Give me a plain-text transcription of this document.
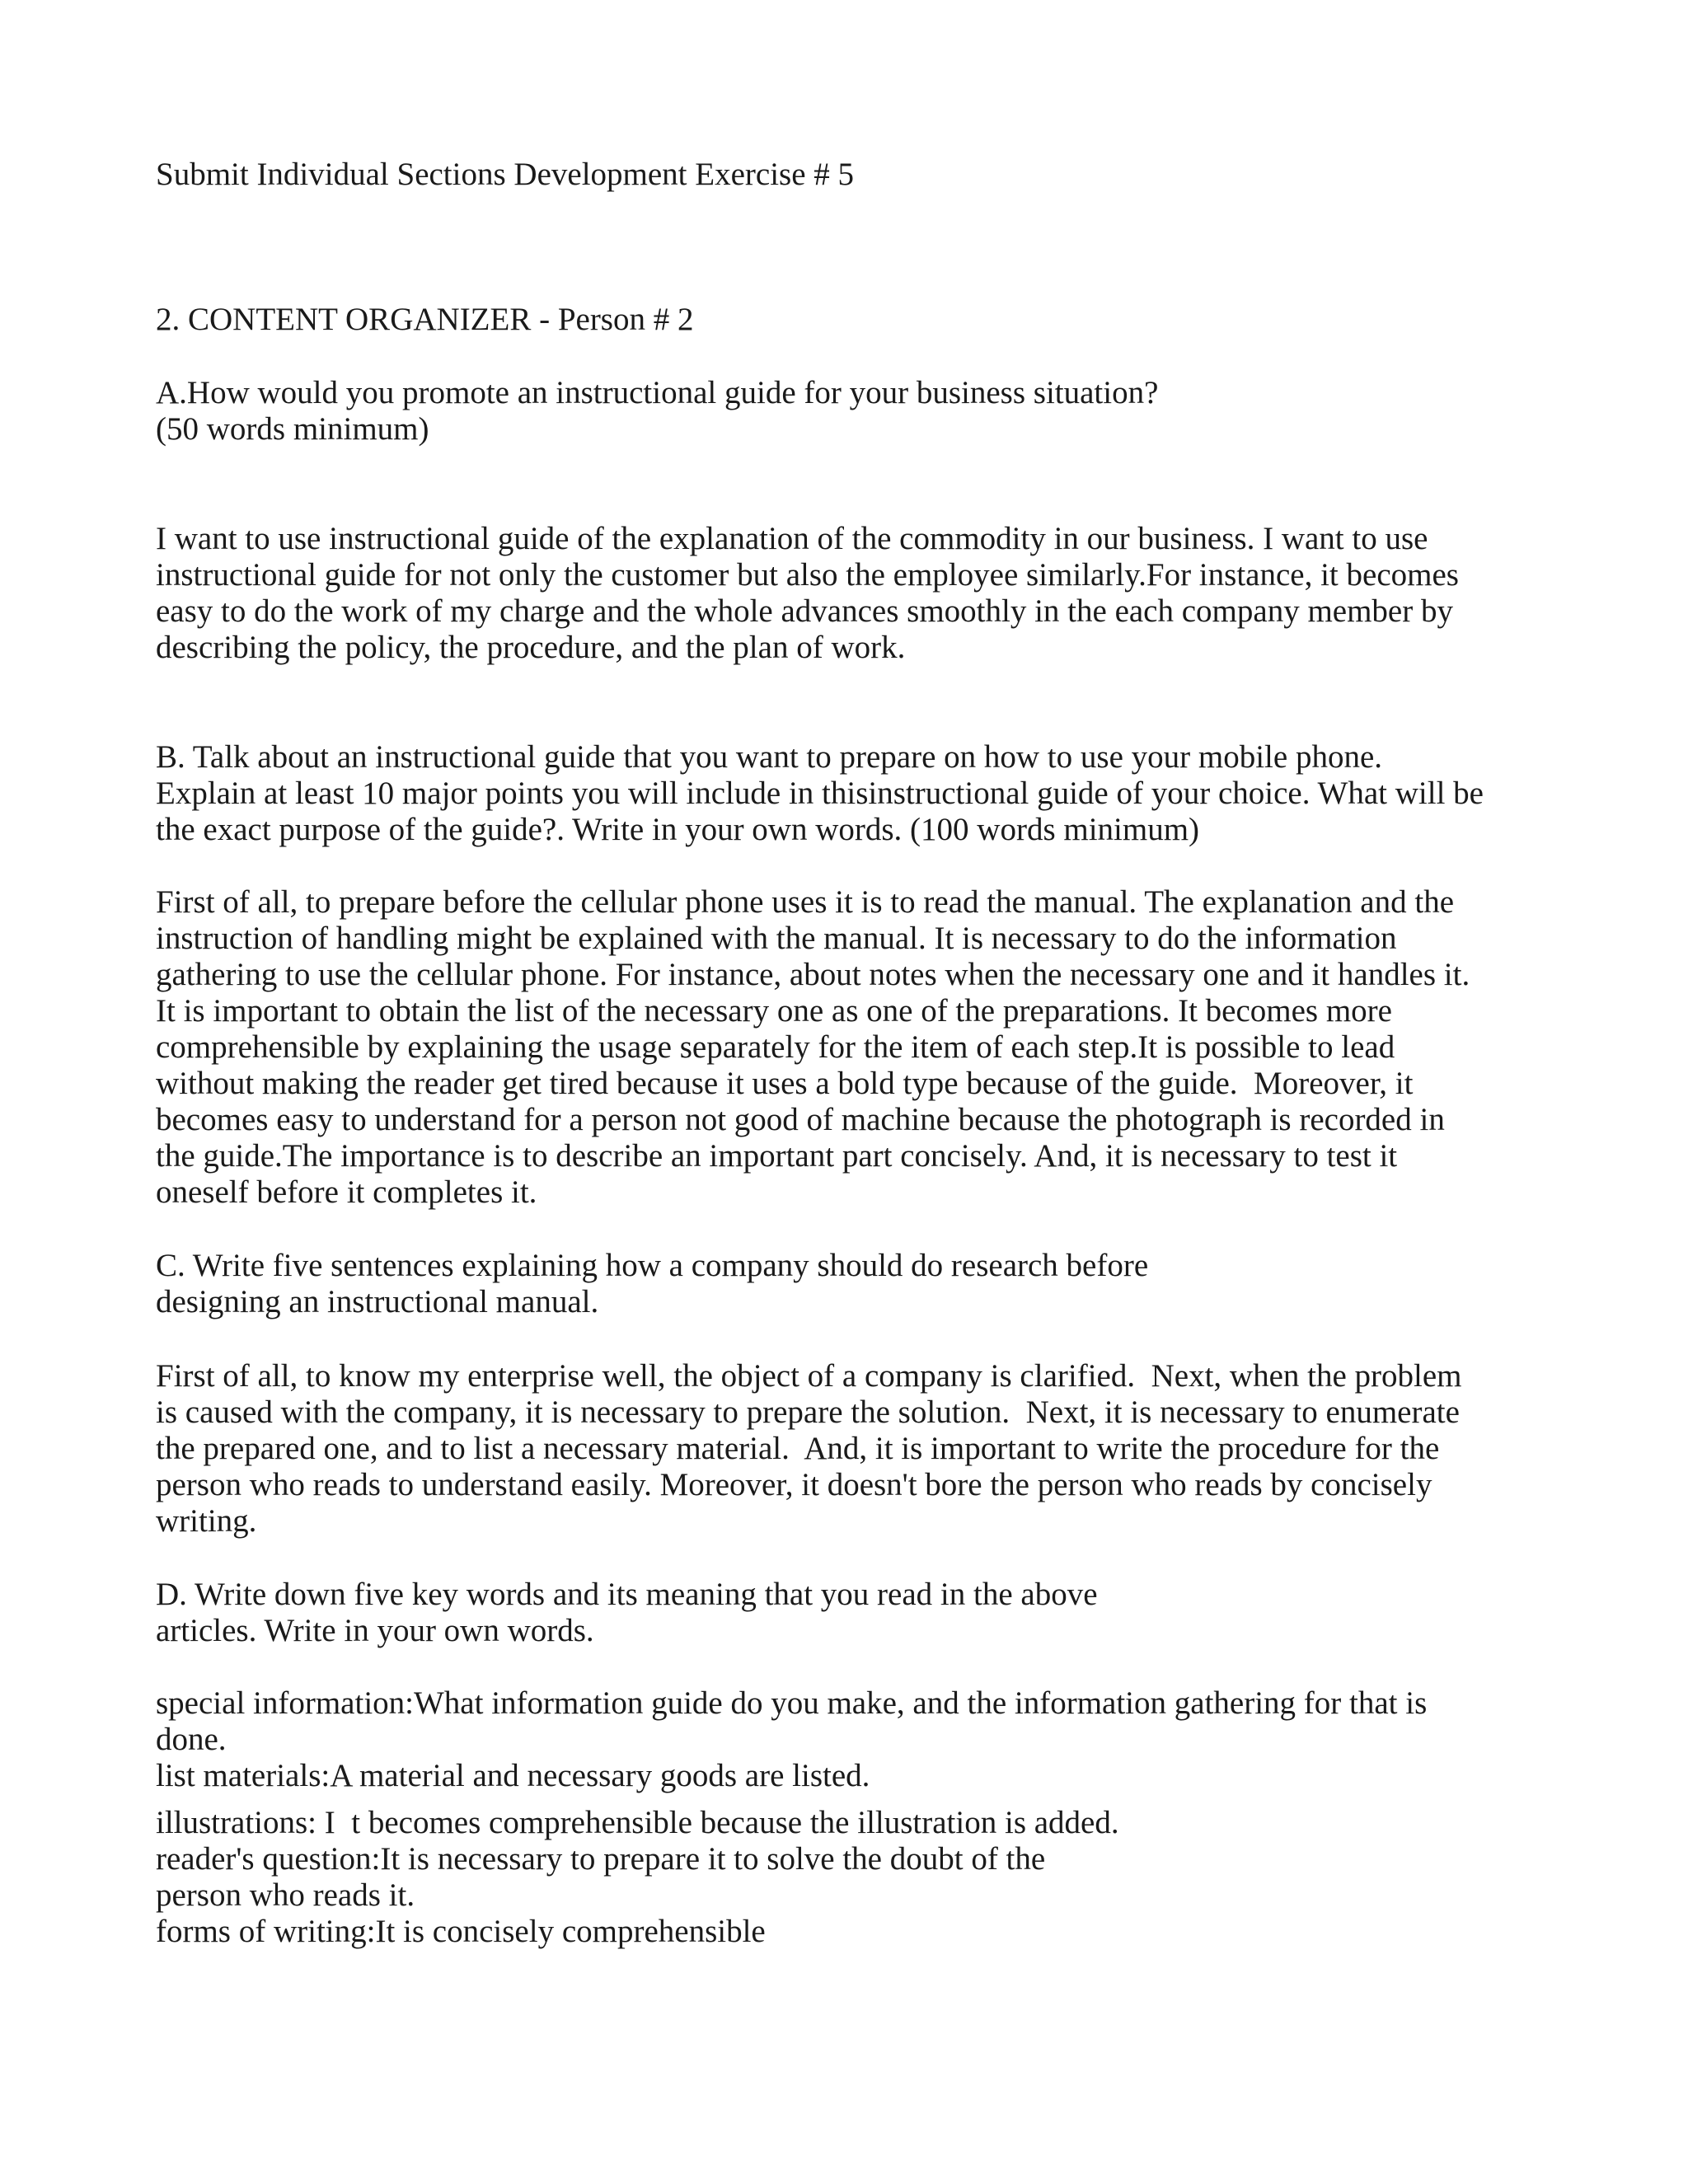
Submit Individual Sections Development Exercise # 5
2. CONTENT ORGANIZER - Person # 2
A.How would you promote an instructional guide for your business situation?
(50 words minimum)
I want to use instructional guide of the explanation of the commodity in our business. I want to use
instructional guide for not only the customer but also the employee similarly.For instance, it becomes
easy to do the work of my charge and the whole advances smoothly in the each company member by
describing the policy, the procedure, and the plan of work.
B. Talk about an instructional guide that you want to prepare on how to use your mobile phone.
Explain at least 10 major points you will include in thisinstructional guide of your choice. What will be
the exact purpose of the guide?. Write in your own words. (100 words minimum)
First of all, to prepare before the cellular phone uses it is to read the manual. The explanation and the
instruction of handling might be explained with the manual. It is necessary to do the information
gathering to use the cellular phone. For instance, about notes when the necessary one and it handles it.
It is important to obtain the list of the necessary one as one of the preparations. It becomes more
comprehensible by explaining the usage separately for the item of each step.It is possible to lead
without making the reader get tired because it uses a bold type because of the guide.  Moreover, it
becomes easy to understand for a person not good of machine because the photograph is recorded in
the guide.The importance is to describe an important part concisely. And, it is necessary to test it
oneself before it completes it.
C. Write five sentences explaining how a company should do research before
designing an instructional manual.
First of all, to know my enterprise well, the object of a company is clarified.  Next, when the problem
is caused with the company, it is necessary to prepare the solution.  Next, it is necessary to enumerate
the prepared one, and to list a necessary material.  And, it is important to write the procedure for the
person who reads to understand easily. Moreover, it doesn't bore the person who reads by concisely
writing.
D. Write down five key words and its meaning that you read in the above
articles. Write in your own words.
special information:What information guide do you make, and the information gathering for that is
done.
list materials:A material and necessary goods are listed.
illustrations: I  t becomes comprehensible because the illustration is added.
reader's question:It is necessary to prepare it to solve the doubt of the
person who reads it.
forms of writing:It is concisely comprehensible
